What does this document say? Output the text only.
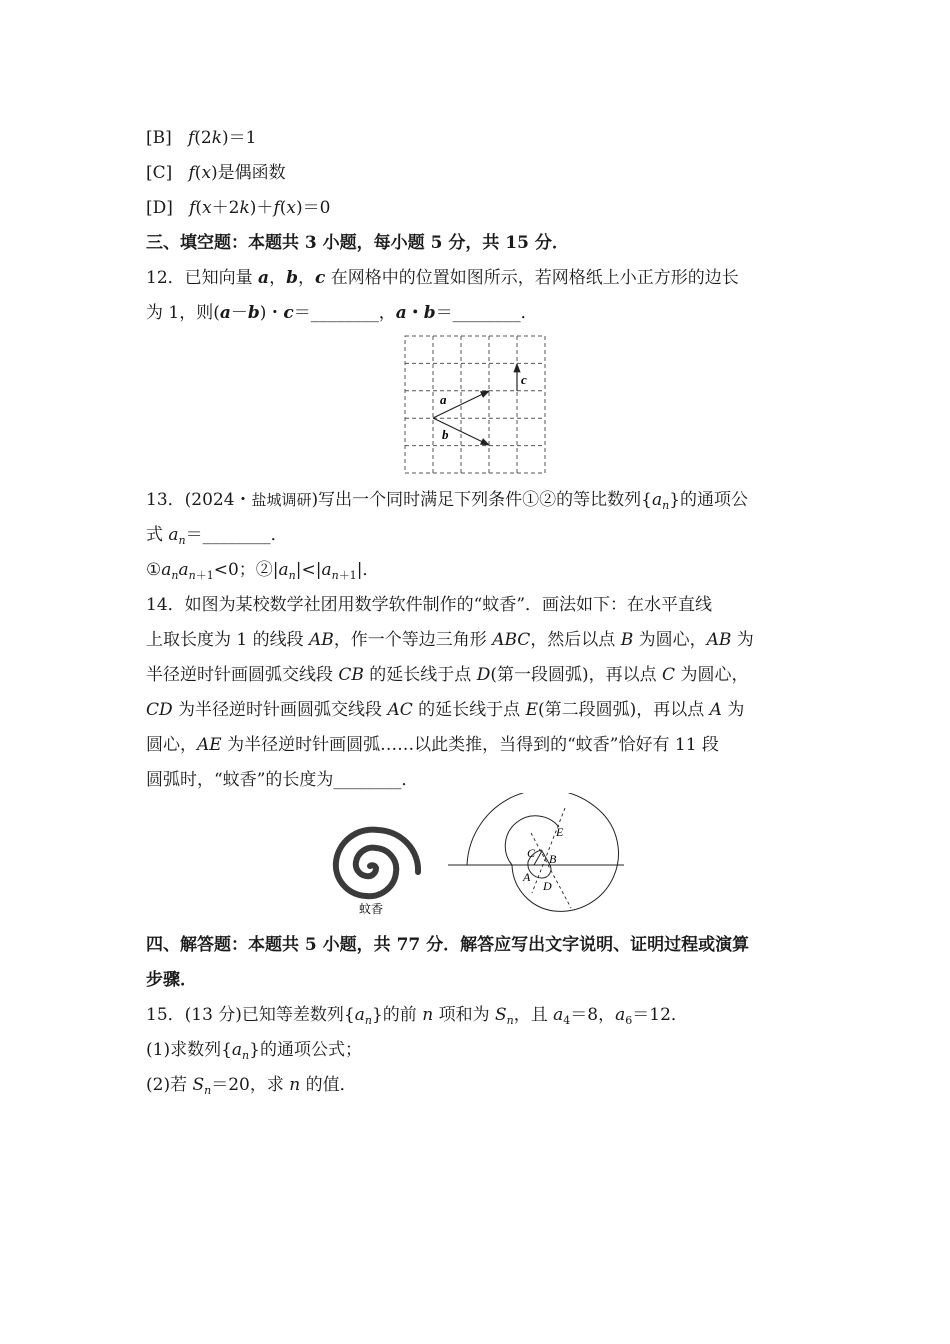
[B] f(2k)＝1
[C] f(x)是偶函数
[D] f(x＋2k)＋f(x)＝0
三、填空题：本题共 3 小题，每小题 5 分，共 15 分．
12．已知向量 a，b，c 在网格中的位置如图所示，若网格纸上小正方形的边长
为 1，则(a－b)・c＝________，a・b＝________．
a
b
c
13．(2024・盐城调研)写出一个同时满足下列条件①②的等比数列$\{a_n\}$的通项公
式 $a_n=\_\_\_\_\_\_\_\_$．
$①a_na_{n+1}<0$；$②|a_n|<|a_{n+1}|$．
14．如图为某校数学社团用数学软件制作的“蚊香”．画法如下：在水平直线
上取长度为 1 的线段 AB，作一个等边三角形 ABC，然后以点 B 为圆心，AB 为
半径逆时针画圆弧交线段 CB 的延长线于点 D(第一段圆弧)，再以点 C 为圆心，
CD 为半径逆时针画圆弧交线段 AC 的延长线于点 E(第二段圆弧)，再以点 A 为
圆心，AE 为半径逆时针画圆弧……以此类推，当得到的“蚊香”恰好有 11 段
圆弧时，“蚊香”的长度为________．
蚊香
E
C B
A
D
四、解答题：本题共 5 小题，共 77 分．解答应写出文字说明、证明过程或演算
步骤．
15．(13 分)已知等差数列$\{a_n\}$的前 n 项和为 $S_n$，且 $a_4=8$，$a_6=12$．
(1)求数列$\{a_n\}$的通项公式；
(2)若 $S_n=20$，求 n 的值．
